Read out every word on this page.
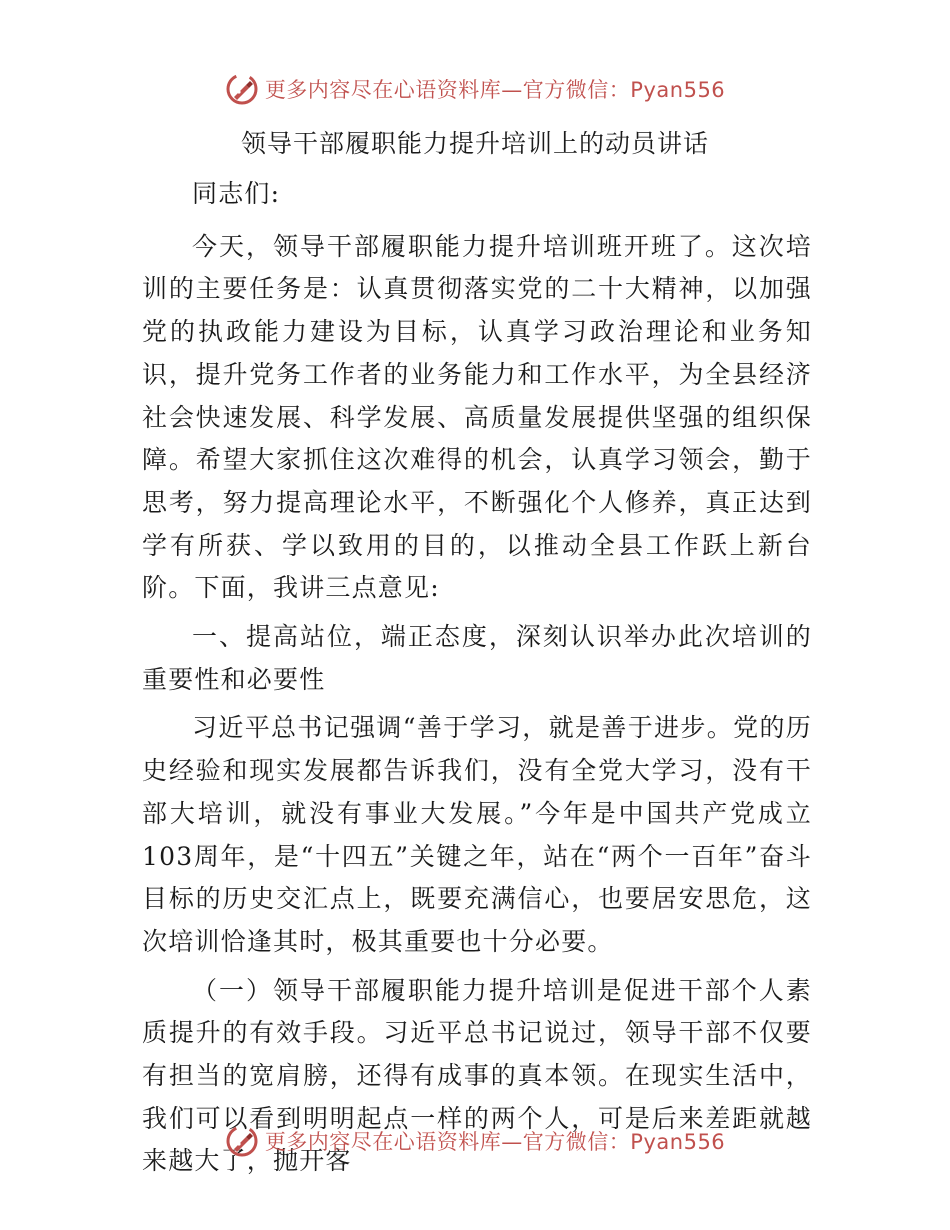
更多内容尽在心语资料库—官方微信：Pyan556
领导干部履职能力提升培训上的动员讲话

同志们:

今天，领导干部履职能力提升培训班开班了。这次培训的主要任务是：认真贯彻落实党的二十大精神，以加强党的执政能力建设为目标，认真学习政治理论和业务知识，提升党务工作者的业务能力和工作水平，为全县经济社会快速发展、科学发展、高质量发展提供坚强的组织保障。希望大家抓住这次难得的机会，认真学习领会，勤于思考，努力提高理论水平，不断强化个人修养，真正达到学有所获、学以致用的目的，以推动全县工作跃上新台阶。下面，我讲三点意见:

一、提高站位，端正态度，深刻认识举办此次培训的重要性和必要性

习近平总书记强调“善于学习，就是善于进步。党的历史经验和现实发展都告诉我们，没有全党大学习，没有干部大培训，就没有事业大发展。”今年是中国共产党成立103周年，是“十四五”关键之年，站在“两个一百年”奋斗目标的历史交汇点上，既要充满信心，也要居安思危，这次培训恰逢其时，极其重要也十分必要。

（一）领导干部履职能力提升培训是促进干部个人素质提升的有效手段。习近平总书记说过，领导干部不仅要有担当的宽肩膀，还得有成事的真本领。在现实生活中，我们可以看到明明起点一样的两个人，可是后来差距就越来越大了，抛开客

更多内容尽在心语资料库—官方微信：Pyan556
